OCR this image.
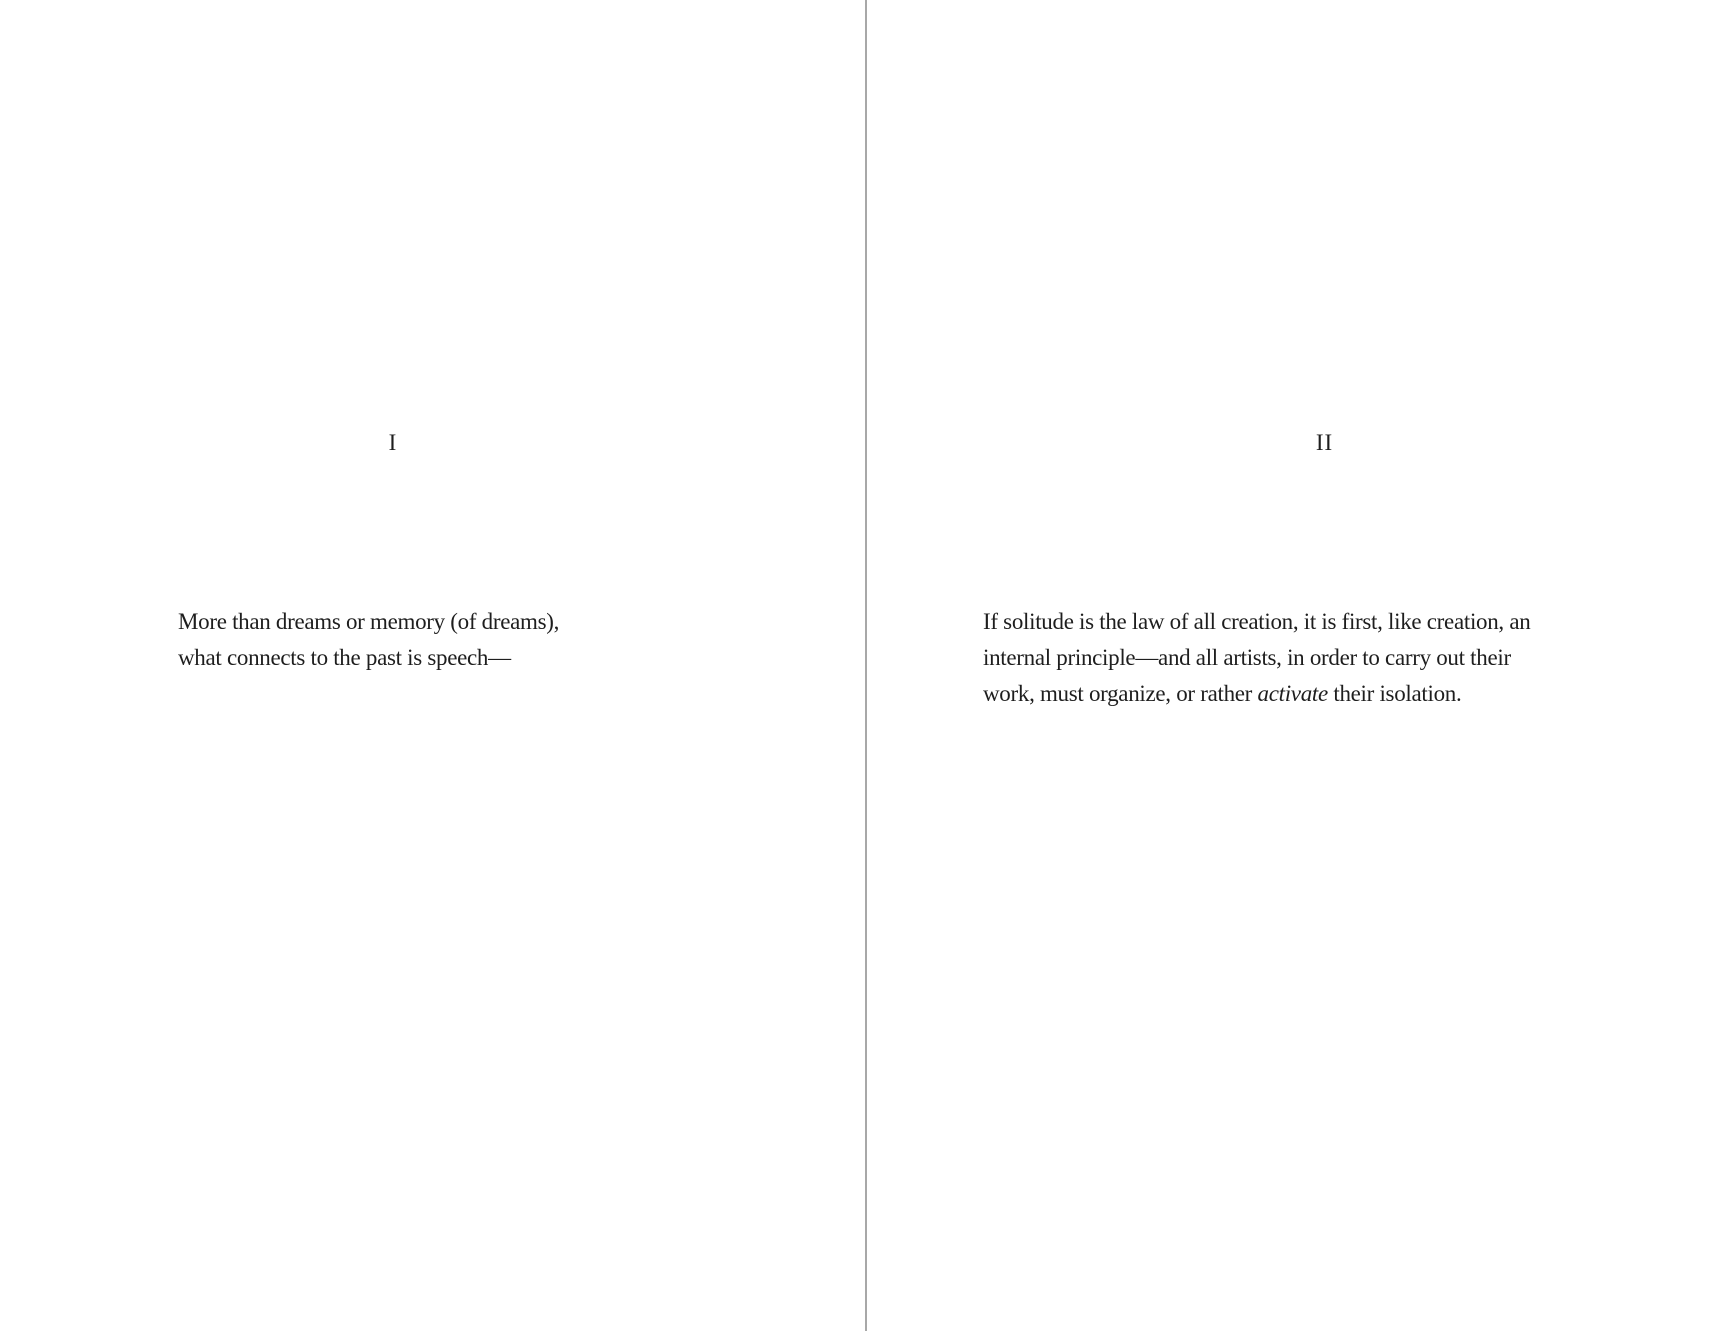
I
More than dreams or memory (of dreams),
what connects to the past is speech—
II
If solitude is the law of all creation, it is first, like creation, an
internal principle—and all artists, in order to carry out their
work, must organize, or rather activate their isolation.
